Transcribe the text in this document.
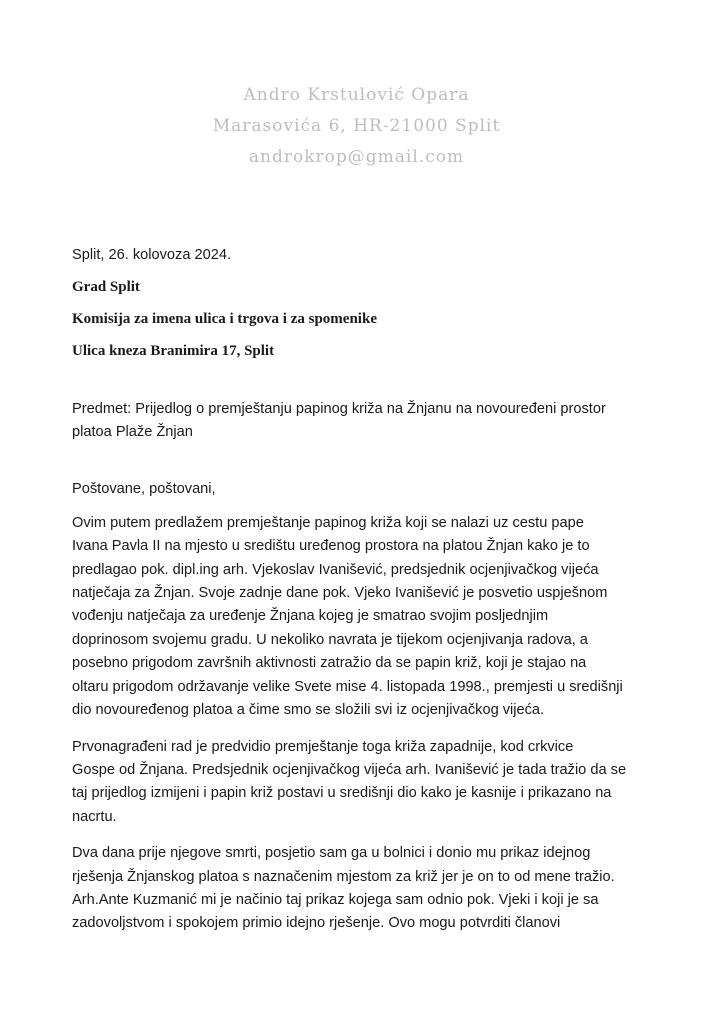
Andro Krstulović Opara
Marasovića 6, HR-21000 Split
androkrop@gmail.com
Split, 26. kolovoza 2024.
Grad Split
Komisija za imena ulica i trgova i za spomenike
Ulica kneza Branimira 17, Split
Predmet: Prijedlog o premještanju papinog križa na Žnjanu na novouređeni prostor
platoa Plaže Žnjan
Poštovane, poštovani,
Ovim putem predlažem premještanje papinog križa koji se nalazi uz cestu pape
Ivana Pavla II na mjesto u središtu uređenog prostora na platou Žnjan kako je to
predlagao pok. dipl.ing arh. Vjekoslav Ivanišević, predsjednik ocjenjivačkog vijeća
natječaja za Žnjan. Svoje zadnje dane pok. Vjeko Ivanišević je posvetio uspješnom
vođenju natječaja za uređenje Žnjana kojeg je smatrao svojim posljednjim
doprinosom svojemu gradu. U nekoliko navrata je tijekom ocjenjivanja radova, a
posebno prigodom završnih aktivnosti zatražio da se papin križ, koji je stajao na
oltaru prigodom održavanje velike Svete mise 4. listopada 1998., premjesti u središnji
dio novouređenog platoa a čime smo se složili svi iz ocjenjivačkog vijeća.
Prvonagrađeni rad je predvidio premještanje toga križa zapadnije, kod crkvice
Gospe od Žnjana. Predsjednik ocjenjivačkog vijeća arh. Ivanišević je tada tražio da se
taj prijedlog izmijeni i papin križ postavi u središnji dio kako je kasnije i prikazano na
nacrtu.
Dva dana prije njegove smrti, posjetio sam ga u bolnici i donio mu prikaz idejnog
rješenja Žnjanskog platoa s naznačenim mjestom za križ jer je on to od mene tražio.
Arh.Ante Kuzmanić mi je načinio taj prikaz kojega sam odnio pok. Vjeki i koji je sa
zadovoljstvom i spokojem primio idejno rješenje. Ovo mogu potvrditi članovi
